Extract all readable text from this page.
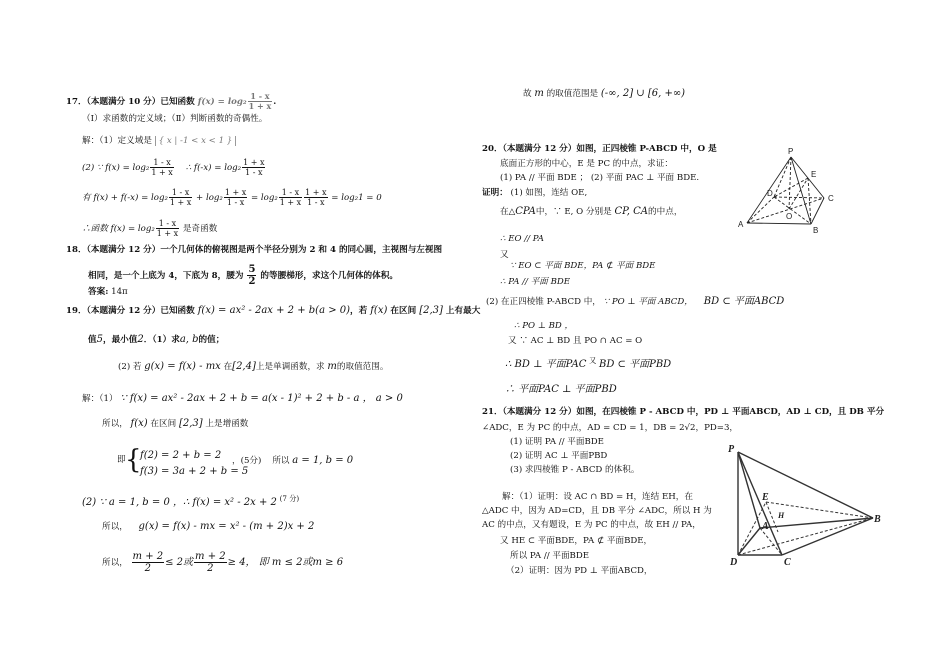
17．（本题满分 10 分）已知函数 $f(x) = \log_2 \frac{1 - x}{1 + x}$ .
（Ⅰ）求函数的定义域；（Ⅱ）判断函数的奇偶性。
解：（1）定义域是 { x | -1 < x < 1 }
(2) ∵ $f(x) = \log_2 \frac{1 - x}{1 + x}$ ∴ $f(-x) = \log_2 \frac{1 + x}{1 - x}$
有 $f(x) + f(-x) = \log_2 \frac{1 - x}{1 + x} + \log_2 \frac{1 + x}{1 - x} = \log_2 \frac{1 - x}{1 + x} \frac{1 + x}{1 - x} = \log_21 = 0$
∴函数 $f(x) = \log_2 \frac{1 - x}{1 + x}$ 是奇函数
18．（本题满分 12 分）一个几何体的俯视图是两个半径分别为 2 和 4 的同心圆，主视图与左视图
相同，是一个上底为 4，下底为 8，腰为 $\frac{5}{2}$ 的等腰梯形，求这个几何体的体积。
答案: 14π
19．（本题满分 12 分）已知函数 f(x) = ax² - 2ax + 2 + b(a > 0)，若 f(x) 在区间 [2,3] 上有最大
值5，最小值2．（1）求a, b的值；
(2) 若 g(x) = f(x) - mx 在[2,4]上是单调函数，求 m的取值范围。
解：（1） ∵ f(x) = ax² - 2ax + 2 + b = a(x - 1)² + 2 + b - a ， a > 0
所以， f(x) 在区间 [2,3] 上是增函数
即 {
f(2) = 2 + b = 2
f(3) = 3a + 2 + b = 5
，(5分) 所以 a = 1, b = 0
(2) ∵ a = 1, b = 0 ，∴ f(x) = x² - 2x + 2 $^{(7 分)}$
所以， g(x) = f(x) - mx = x² - (m + 2)x + 2
所以， $\frac{m + 2}{2} \le 2$或 $\frac{m + 2}{2} \ge 4$， 即 m ≤ 2或m ≥ 6
故 m 的取值范围是 (-∞, 2] ∪ [6, +∞)
20．（本题满分 12 分）如图，正四棱锥 P-ABCD 中，O 是
底面正方形的中心，E 是 PC 的中点，求证：
(1) PA // 平面 BDE ； (2) 平面 PAC ⊥ 平面 BDE.
证明： (1) 如图，连结 OE,
在△CPA中，∵ E, O 分别是 CP, CA的中点，
∴ EO // PA
又
∵ EO ⊂ 平面 BDE，PA ⊄ 平面 BDE
∴ PA // 平面 BDE
(2) 在正四棱锥 P-ABCD 中， ∵ PO ⊥ 平面 ABCD， BD ⊂ 平面ABCD
∴ PO ⊥ BD ，
又 ∵ AC ⊥ BD 且 PO ∩ AC = O
∴ BD ⊥ 平面PAC $^又$ BD ⊂ 平面PBD
∴ 平面PAC ⊥ 平面PBD
P
E
D
C
O
A
B
21．（本题满分 12 分）如图，在四棱锥 P - ABCD 中，PD ⊥ 平面ABCD，AD ⊥ CD，且 DB 平分
∠ADC，E 为 PC 的中点，AD = CD = 1，DB = 2√2，PD=3，
(1) 证明 PA // 平面BDE
(2) 证明 AC ⊥ 平面PBD
(3) 求四棱锥 P - ABCD 的体积。
解：（1）证明：设 AC ∩ BD = H，连结 EH，在
△ADC 中，因为 AD=CD，且 DB 平分 ∠ADC，所以 H 为
AC 的中点，又有题设，E 为 PC 的中点，故 EH // PA，
又 HE ⊂ 平面BDE，PA ⊄ 平面BDE，
所以 PA // 平面BDE
（2）证明：因为 PD ⊥ 平面ABCD，
P
E
H
A
B
D	C
